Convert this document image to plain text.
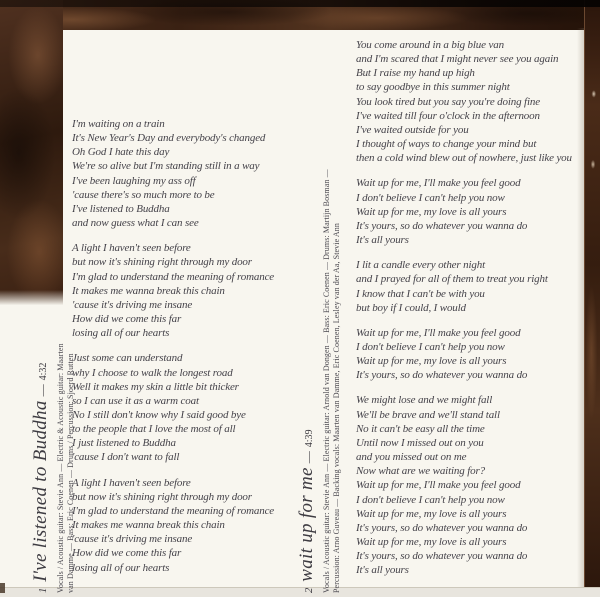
1I've listened to Buddha—4:32 Vocals / Acoustic guitar: Stevie Ann — Electric & Acoustic guitar: Maarten van Damme — Bass: Eric Coenen — Drums / Percussion: Sjoerd Rutten

I'm waiting on a train
It's New Year's Day and everybody's changed
Oh God I hate this day
We're so alive but I'm standing still in a way
I've been laughing my ass off
'cause there's so much more to be
I've listened to Buddha
and now guess what I can see

A light I haven't seen before
but now it's shining right through my door
I'm glad to understand the meaning of romance
It makes me wanna break this chain
'cause it's driving me insane
How did we come this far
losing all of our hearts

Just some can understand
why I choose to walk the longest road
Well it makes my skin a little bit thicker
so I can use it as a warm coat
No I still don't know why I said good bye
to the people that I love the most of all
I just listened to Buddha
'cause I don't want to fall

A light I haven't seen before
but now it's shining right through my door
I'm glad to understand the meaning of romance
It makes me wanna break this chain
'cause it's driving me insane
How did we come this far
losing all of our hearts

2wait up for me—4:39 Vocals / Acoustic guitar: Stevie Ann — Electric guitar: Arnold van Dongen — Bass: Eric Coenen — Drums: Martijn Bosman — Percussion: Arno Guveau — Backing vocals: Maarten van Damme, Eric Coenen, Lesley van der Aa, Stevie Ann

You come around in a big blue van
and I'm scared that I might never see you again
But I raise my hand up high
to say goodbye in this summer night
You look tired but you say you're doing fine
I've waited till four o'clock in the afternoon
I've waited outside for you
I thought of ways to change your mind but
then a cold wind blew out of nowhere, just like you

Wait up for me, I'll make you feel good
I don't believe I can't help you now
Wait up for me, my love is all yours
It's yours, so do whatever you wanna do
It's all yours

I lit a candle every other night
and I prayed for all of them to treat you right
I know that I can't be with you
but boy if I could, I would

Wait up for me, I'll make you feel good
I don't believe I can't help you now
Wait up for me, my love is all yours
It's yours, so do whatever you wanna do

We might lose and we might fall
We'll be brave and we'll stand tall
No it can't be easy all the time
Until now I missed out on you
and you missed out on me
Now what are we waiting for?
Wait up for me, I'll make you feel good
I don't believe I can't help you now
Wait up for me, my love is all yours
It's yours, so do whatever you wanna do
Wait up for me, my love is all yours
It's yours, so do whatever you wanna do
It's all yours
